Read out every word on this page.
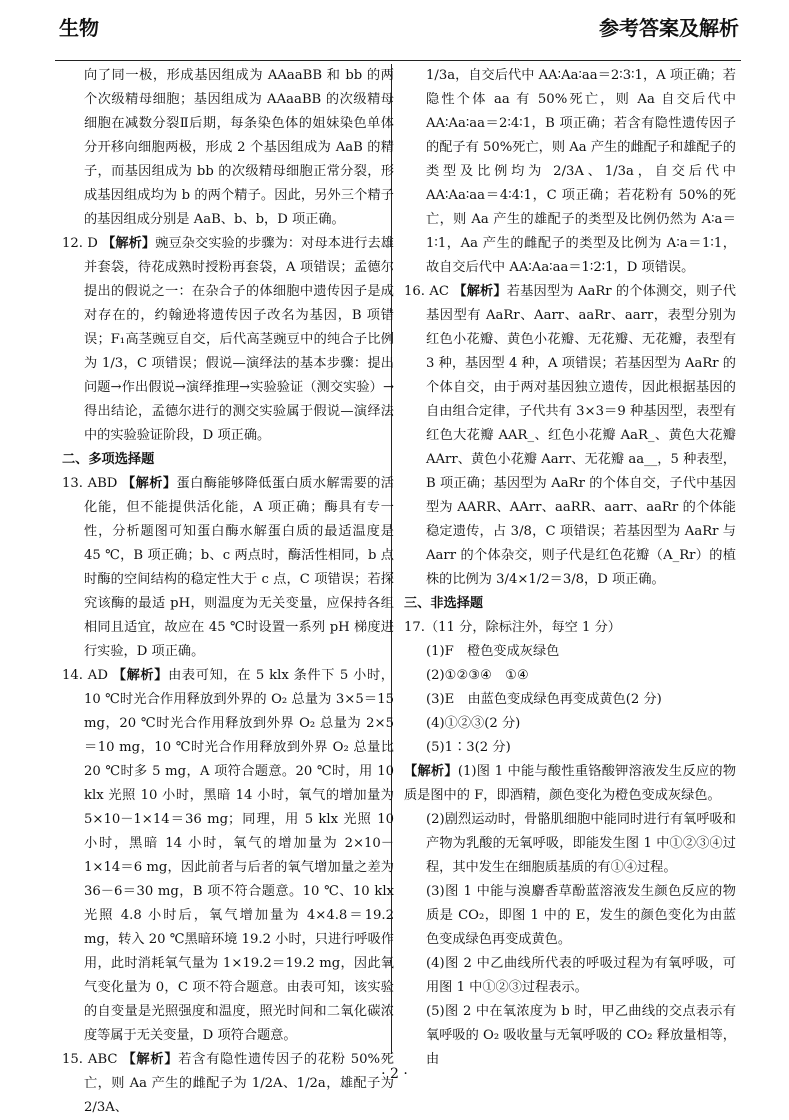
生物	参考答案及解析

向了同一极，形成基因组成为 AAaaBB 和 bb 的两个次级精母细胞；基因组成为 AAaaBB 的次级精母细胞在减数分裂Ⅱ后期，每条染色体的姐妹染色单体分开移向细胞两极，形成 2 个基因组成为 AaB 的精子，而基因组成为 bb 的次级精母细胞正常分裂，形成基因组成均为 b 的两个精子。因此，另外三个精子的基因组成分别是 AaB、b、b，D 项正确。

12. D 【解析】豌豆杂交实验的步骤为：对母本进行去雄并套袋，待花成熟时授粉再套袋，A 项错误；孟德尔提出的假说之一：在杂合子的体细胞中遗传因子是成对存在的，约翰逊将遗传因子改名为基因，B 项错误；F₁高茎豌豆自交，后代高茎豌豆中的纯合子比例为 1/3，C 项错误；假说—演绎法的基本步骤：提出问题→作出假说→演绎推理→实验验证（测交实验）→得出结论，孟德尔进行的测交实验属于假说—演绎法中的实验验证阶段，D 项正确。

二、多项选择题

13. ABD 【解析】蛋白酶能够降低蛋白质水解需要的活化能，但不能提供活化能，A 项正确；酶具有专一性，分析题图可知蛋白酶水解蛋白质的最适温度是 45 ℃，B 项正确；b、c 两点时，酶活性相同，b 点时酶的空间结构的稳定性大于 c 点，C 项错误；若探究该酶的最适 pH，则温度为无关变量，应保持各组相同且适宜，故应在 45 ℃时设置一系列 pH 梯度进行实验，D 项正确。

14. AD 【解析】由表可知，在 5 klx 条件下 5 小时，10 ℃时光合作用释放到外界的 O₂ 总量为 3×5＝15 mg，20 ℃时光合作用释放到外界 O₂ 总量为 2×5＝10 mg，10 ℃时光合作用释放到外界 O₂ 总量比 20 ℃时多 5 mg，A 项符合题意。20 ℃时，用 10 klx 光照 10 小时，黑暗 14 小时，氧气的增加量为 5×10－1×14＝36 mg；同理，用 5 klx 光照 10 小时，黑暗 14 小时，氧气的增加量为 2×10－1×14＝6 mg，因此前者与后者的氧气增加量之差为 36－6＝30 mg，B 项不符合题意。10 ℃、10 klx 光照 4.8 小时后，氧气增加量为 4×4.8＝19.2 mg，转入 20 ℃黑暗环境 19.2 小时，只进行呼吸作用，此时消耗氧气量为 1×19.2＝19.2 mg，因此氧气变化量为 0，C 项不符合题意。由表可知，该实验的自变量是光照强度和温度，照光时间和二氧化碳浓度等属于无关变量，D 项符合题意。

15. ABC 【解析】若含有隐性遗传因子的花粉 50%死亡，则 Aa 产生的雌配子为 1/2A、1/2a，雄配子为 2/3A、

1/3a，自交后代中 AA∶Aa∶aa＝2∶3∶1，A 项正确；若隐性个体 aa 有 50%死亡，则 Aa 自交后代中 AA∶Aa∶aa＝2∶4∶1，B 项正确；若含有隐性遗传因子的配子有 50%死亡，则 Aa 产生的雌配子和雄配子的类型及比例均为 2/3A、1/3a，自交后代中 AA∶Aa∶aa＝4∶4∶1，C 项正确；若花粉有 50%的死亡，则 Aa 产生的雄配子的类型及比例仍然为 A∶a＝1∶1，Aa 产生的雌配子的类型及比例为 A∶a＝1∶1，故自交后代中 AA∶Aa∶aa＝1∶2∶1，D 项错误。

16. AC 【解析】若基因型为 AaRr 的个体测交，则子代基因型有 AaRr、Aarr、aaRr、aarr，表型分别为红色小花瓣、黄色小花瓣、无花瓣、无花瓣，表型有 3 种，基因型 4 种，A 项错误；若基因型为 AaRr 的个体自交，由于两对基因独立遗传，因此根据基因的自由组合定律，子代共有 3×3＝9 种基因型，表型有红色大花瓣 AAR_、红色小花瓣 AaR_、黄色大花瓣 AArr、黄色小花瓣 Aarr、无花瓣 aa__，5 种表型，B 项正确；基因型为 AaRr 的个体自交，子代中基因型为 AARR、AArr、aaRR、aarr、aaRr 的个体能稳定遗传，占 3/8，C 项错误；若基因型为 AaRr 与 Aarr 的个体杂交，则子代是红色花瓣（A_Rr）的植株的比例为 3/4×1/2＝3/8，D 项正确。

三、非选择题

17.（11 分，除标注外，每空 1 分）

(1)F　橙色变成灰绿色

(2)①②③④　①④

(3)E　由蓝色变成绿色再变成黄色(2 分)

(4)①②③(2 分)

(5)1∶3(2 分)

【解析】(1)图 1 中能与酸性重铬酸钾溶液发生反应的物质是图中的 F，即酒精，颜色变化为橙色变成灰绿色。

(2)剧烈运动时，骨骼肌细胞中能同时进行有氧呼吸和产物为乳酸的无氧呼吸，即能发生图 1 中①②③④过程，其中发生在细胞质基质的有①④过程。

(3)图 1 中能与溴麝香草酚蓝溶液发生颜色反应的物质是 CO₂，即图 1 中的 E，发生的颜色变化为由蓝色变成绿色再变成黄色。

(4)图 2 中乙曲线所代表的呼吸过程为有氧呼吸，可用图 1 中①②③过程表示。

(5)图 2 中在氧浓度为 b 时，甲乙曲线的交点表示有氧呼吸的 O₂ 吸收量与无氧呼吸的 CO₂ 释放量相等，由

· 2 ·
